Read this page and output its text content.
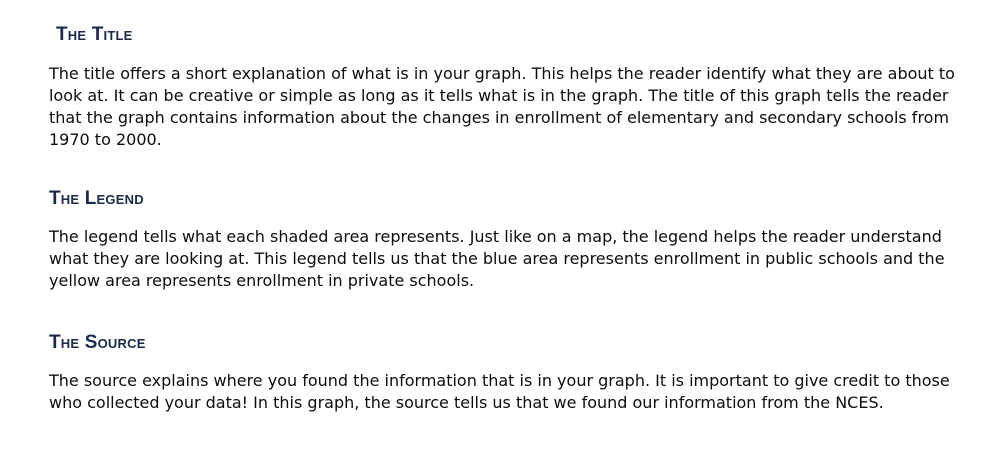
The Title

The title offers a short explanation of what is in your graph. This helps the reader identify what they are about to look at. It can be creative or simple as long as it tells what is in the graph. The title of this graph tells the reader that the graph contains information about the changes in enrollment of elementary and secondary schools from 1970 to 2000.

The Legend

The legend tells what each shaded area represents. Just like on a map, the legend helps the reader understand what they are looking at. This legend tells us that the blue area represents enrollment in public schools and the yellow area represents enrollment in private schools.

The Source

The source explains where you found the information that is in your graph. It is important to give credit to those who collected your data! In this graph, the source tells us that we found our information from the NCES.
